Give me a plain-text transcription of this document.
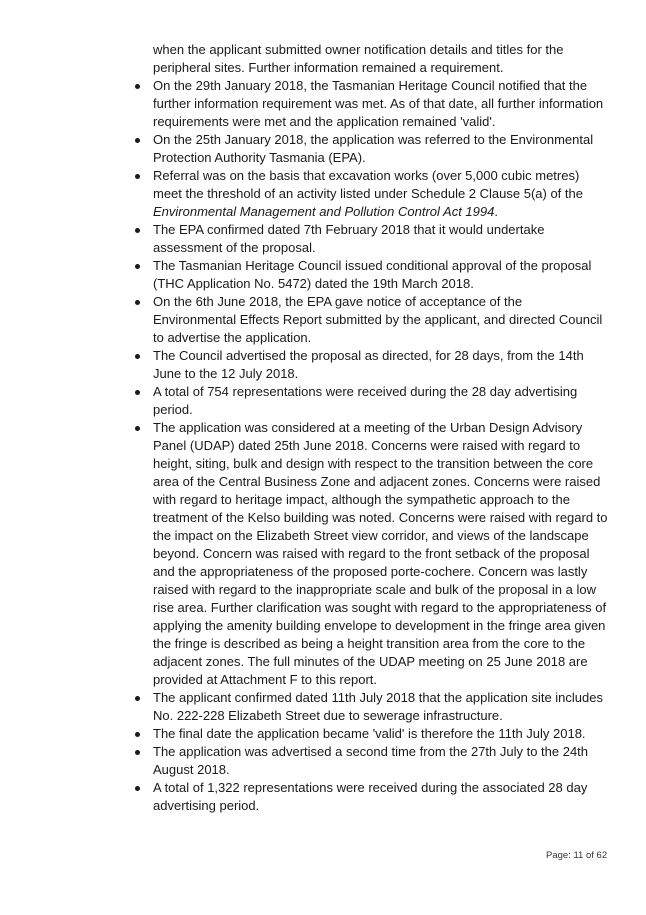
when the applicant submitted owner notification details and titles for the peripheral sites. Further information remained a requirement.

On the 29th January 2018, the Tasmanian Heritage Council notified that the further information requirement was met. As of that date, all further information requirements were met and the application remained 'valid'.
On the 25th January 2018, the application was referred to the Environmental Protection Authority Tasmania (EPA).
Referral was on the basis that excavation works (over 5,000 cubic metres) meet the threshold of an activity listed under Schedule 2 Clause 5(a) of the Environmental Management and Pollution Control Act 1994.
The EPA confirmed dated 7th February 2018 that it would undertake assessment of the proposal.
The Tasmanian Heritage Council issued conditional approval of the proposal (THC Application No. 5472) dated the 19th March 2018.
On the 6th June 2018, the EPA gave notice of acceptance of the Environmental Effects Report submitted by the applicant, and directed Council to advertise the application.
The Council advertised the proposal as directed, for 28 days, from the 14th June to the 12 July 2018.
A total of 754 representations were received during the 28 day advertising period.
The application was considered at a meeting of the Urban Design Advisory Panel (UDAP) dated 25th June 2018. Concerns were raised with regard to height, siting, bulk and design with respect to the transition between the core area of the Central Business Zone and adjacent zones. Concerns were raised with regard to heritage impact, although the sympathetic approach to the treatment of the Kelso building was noted. Concerns were raised with regard to the impact on the Elizabeth Street view corridor, and views of the landscape beyond. Concern was raised with regard to the front setback of the proposal and the appropriateness of the proposed porte-cochere. Concern was lastly raised with regard to the inappropriate scale and bulk of the proposal in a low rise area. Further clarification was sought with regard to the appropriateness of applying the amenity building envelope to development in the fringe area given the fringe is described as being a height transition area from the core to the adjacent zones. The full minutes of the UDAP meeting on 25 June 2018 are provided at Attachment F to this report.
The applicant confirmed dated 11th July 2018 that the application site includes No. 222-228 Elizabeth Street due to sewerage infrastructure.
The final date the application became 'valid' is therefore the 11th July 2018.
The application was advertised a second time from the 27th July to the 24th August 2018.
A total of 1,322 representations were received during the associated 28 day advertising period.
Page: 11 of 62
